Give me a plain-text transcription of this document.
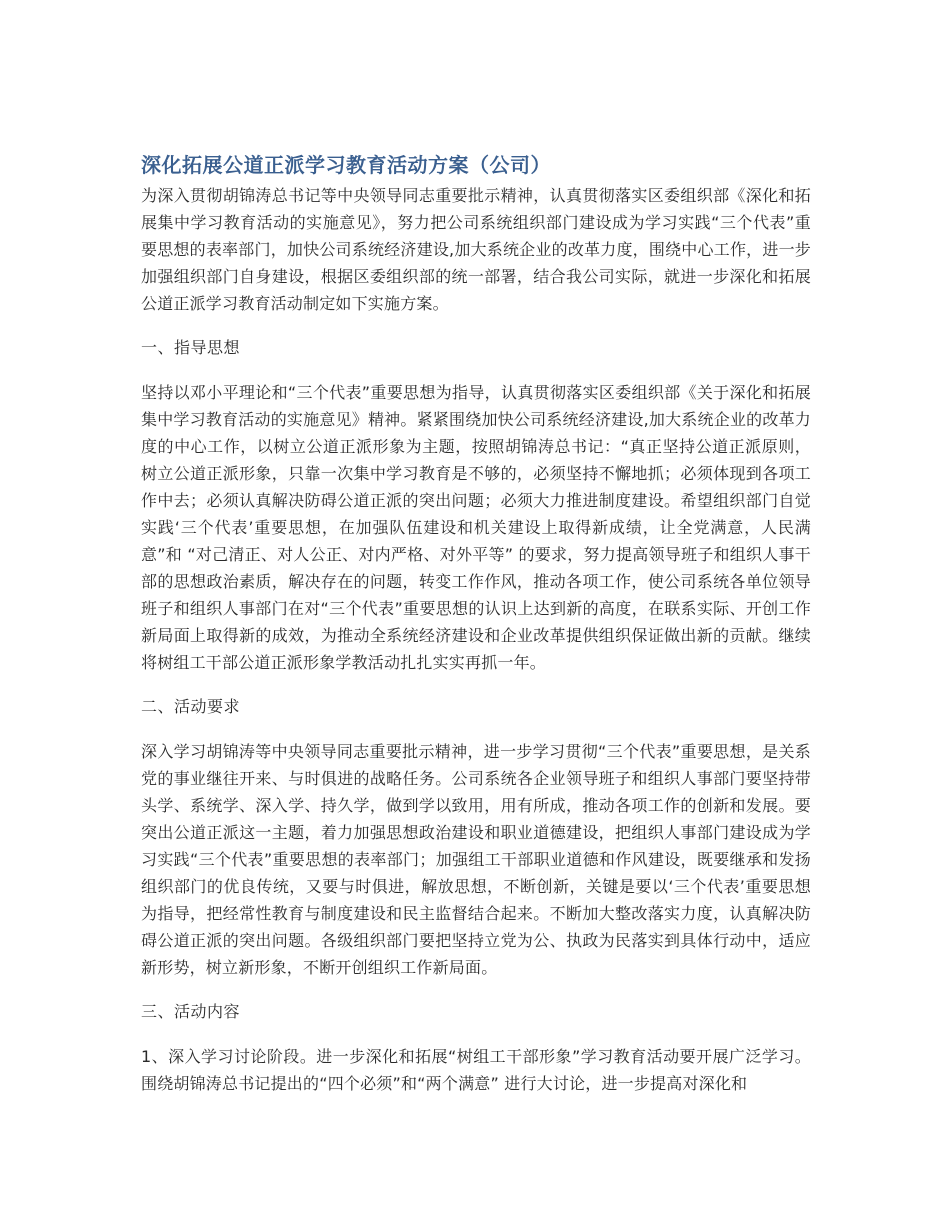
深化拓展公道正派学习教育活动方案（公司）

为深入贯彻胡锦涛总书记等中央领导同志重要批示精神，认真贯彻落实区委组织部《深化和拓展集中学习教育活动的实施意见》，努力把公司系统组织部门建设成为学习实践“三个代表”重要思想的表率部门，加快公司系统经济建设,加大系统企业的改革力度，围绕中心工作，进一步加强组织部门自身建设，根据区委组织部的统一部署，结合我公司实际，就进一步深化和拓展公道正派学习教育活动制定如下实施方案。

一、指导思想

坚持以邓小平理论和“三个代表”重要思想为指导，认真贯彻落实区委组织部《关于深化和拓展集中学习教育活动的实施意见》精神。紧紧围绕加快公司系统经济建设,加大系统企业的改革力度的中心工作，以树立公道正派形象为主题，按照胡锦涛总书记：“真正坚持公道正派原则，树立公道正派形象，只靠一次集中学习教育是不够的，必须坚持不懈地抓；必须体现到各项工作中去；必须认真解决防碍公道正派的突出问题；必须大力推进制度建设。希望组织部门自觉实践‘三个代表’重要思想，在加强队伍建设和机关建设上取得新成绩，让全党满意，人民满意”和 “对己清正、对人公正、对内严格、对外平等” 的要求，努力提高领导班子和组织人事干部的思想政治素质，解决存在的问题，转变工作作风，推动各项工作，使公司系统各单位领导班子和组织人事部门在对“三个代表”重要思想的认识上达到新的高度，在联系实际、开创工作新局面上取得新的成效，为推动全系统经济建设和企业改革提供组织保证做出新的贡献。继续将树组工干部公道正派形象学教活动扎扎实实再抓一年。

二、活动要求

深入学习胡锦涛等中央领导同志重要批示精神，进一步学习贯彻“三个代表”重要思想，是关系党的事业继往开来、与时俱进的战略任务。公司系统各企业领导班子和组织人事部门要坚持带头学、系统学、深入学、持久学，做到学以致用，用有所成，推动各项工作的创新和发展。要突出公道正派这一主题，着力加强思想政治建设和职业道德建设，把组织人事部门建设成为学习实践“三个代表”重要思想的表率部门；加强组工干部职业道德和作风建设，既要继承和发扬组织部门的优良传统，又要与时俱进，解放思想，不断创新，关键是要以‘三个代表’重要思想为指导，把经常性教育与制度建设和民主监督结合起来。不断加大整改落实力度，认真解决防碍公道正派的突出问题。各级组织部门要把坚持立党为公、执政为民落实到具体行动中，适应新形势，树立新形象，不断开创组织工作新局面。

三、活动内容

1、深入学习讨论阶段。进一步深化和拓展“树组工干部形象”学习教育活动要开展广泛学习。围绕胡锦涛总书记提出的“四个必须”和“两个满意” 进行大讨论，进一步提高对深化和
